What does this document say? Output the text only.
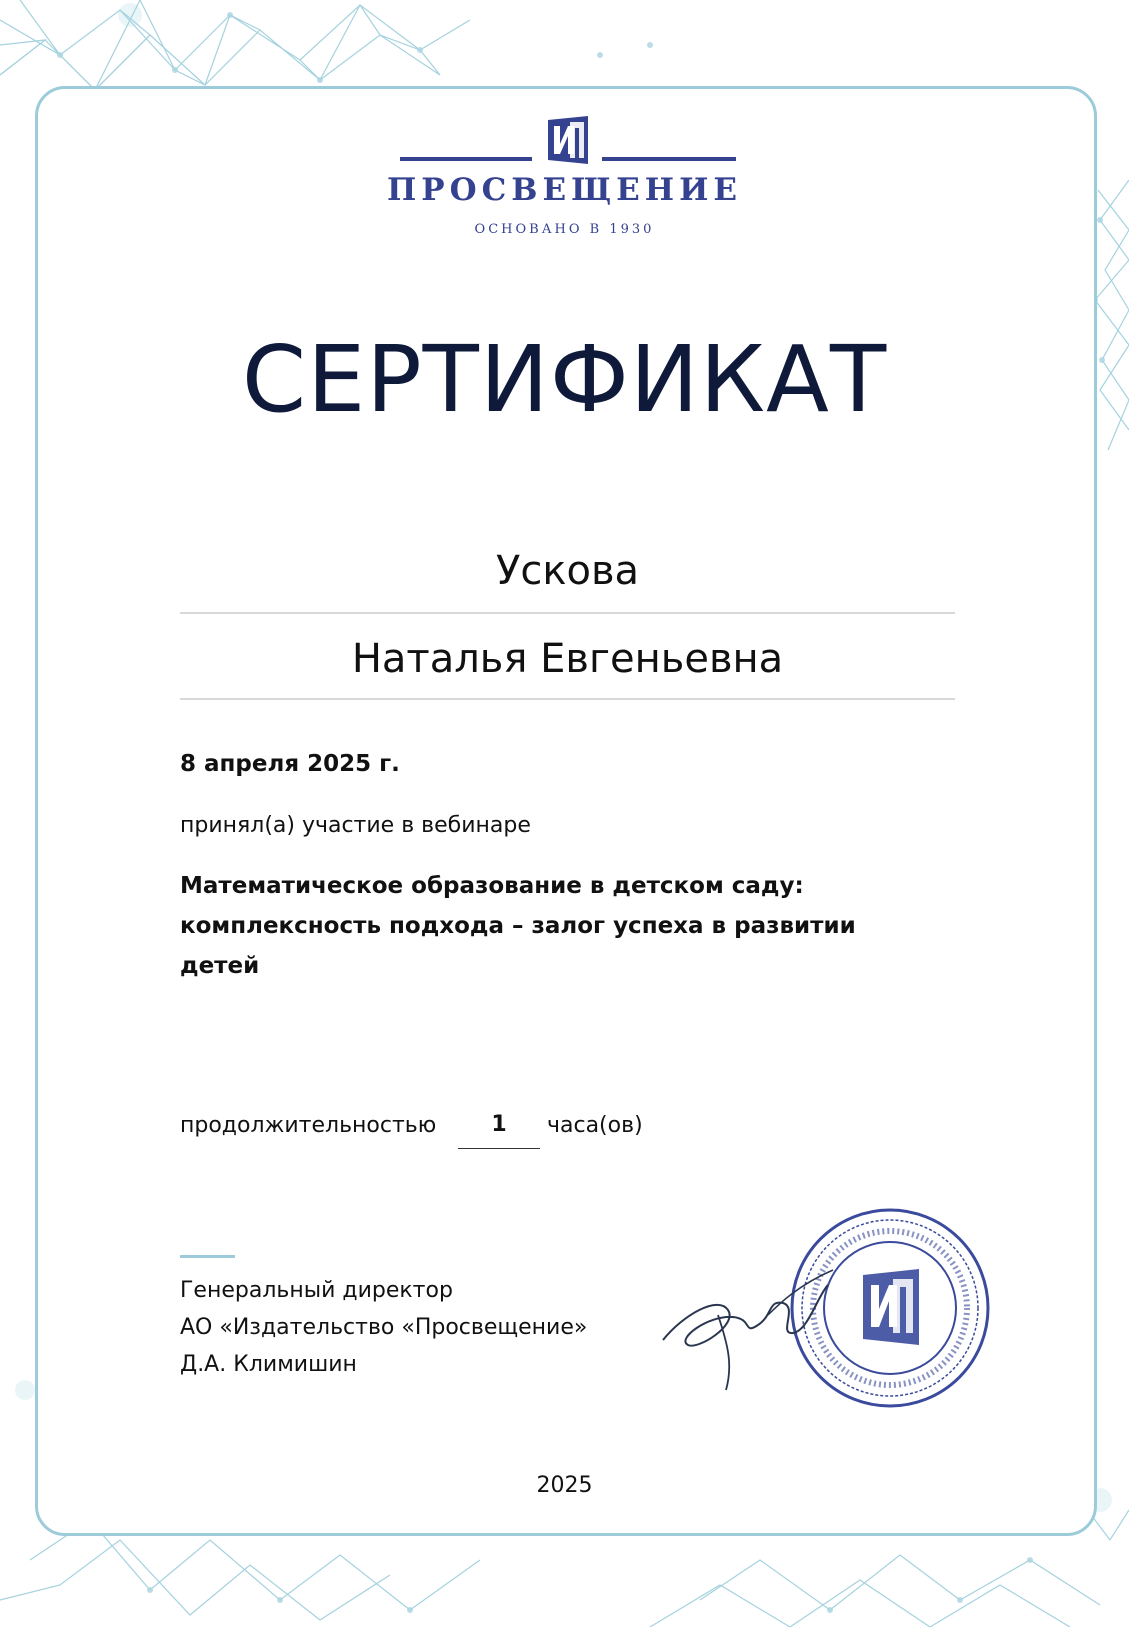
ПРОСВЕЩЕНИЕ
ОСНОВАНО В 1930
СЕРТИФИКАТ
Ускова
Наталья Евгеньевна
8 апреля 2025 г.
принял(а) участие в вебинаре
Математическое образование в детском саду:
комплексность подхода – залог успеха в развитии
детей
продолжительностью	1	часа(ов)
Генеральный директор
АО «Издательство «Просвещение»
Д.А. Климишин
2025
